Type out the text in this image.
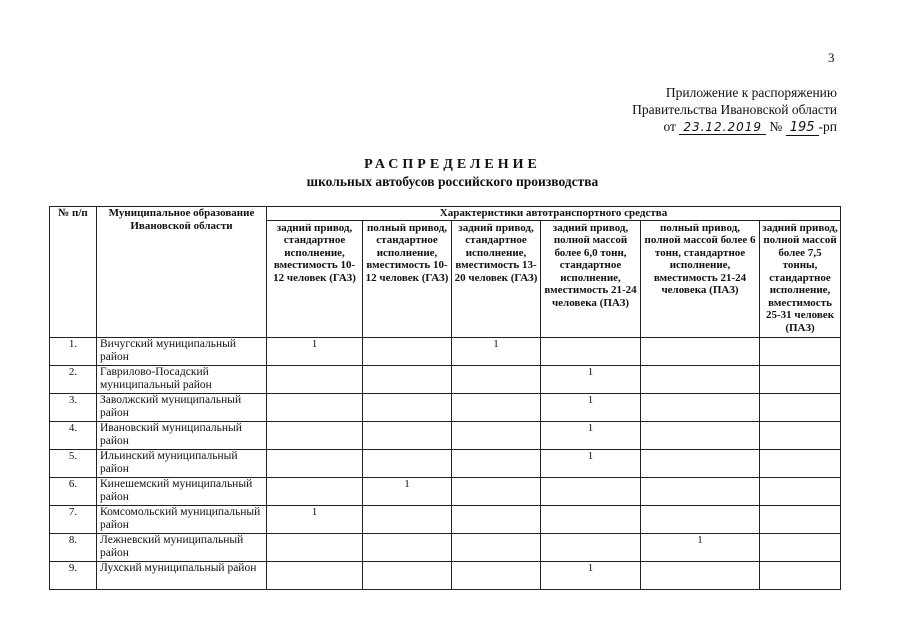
3
Приложение к распоряжению
Правительства Ивановской области
от 23.12.2019 № 195 -рп
РАСПРЕДЕЛЕНИЕ
школьных автобусов российского производства
№ п/п	Муниципальное образование Ивановской области	Характеристики автотранспортного средства					
		задний привод, стандартное исполнение, вместимость 10-12 человек (ГАЗ)	полный привод, стандартное исполнение, вместимость 10-12 человек (ГАЗ)	задний привод, стандартное исполнение, вместимость 13-20 человек (ГАЗ)	задний привод, полной массой более 6,0 тонн, стандартное исполнение, вместимость 21-24 человека (ПАЗ)	полный привод, полной массой более 6 тонн, стандартное исполнение, вместимость 21-24 человека (ПАЗ)	задний привод, полной массой более 7,5 тонны, стандартное исполнение, вместимость 25-31 человек (ПАЗ)
1.	Вичугский муниципальный район	1		1			
2.	Гаврилово-Посадский муниципальный район				1		
3.	Заволжский муниципальный район				1		
4.	Ивановский муниципальный район				1		
5.	Ильинский муниципальный район				1		
6.	Кинешемский муниципальный район		1				
7.	Комсомольский муниципальный район	1					
8.	Лежневский муниципальный район					1	
9.	Лухский муниципальный район				1		
